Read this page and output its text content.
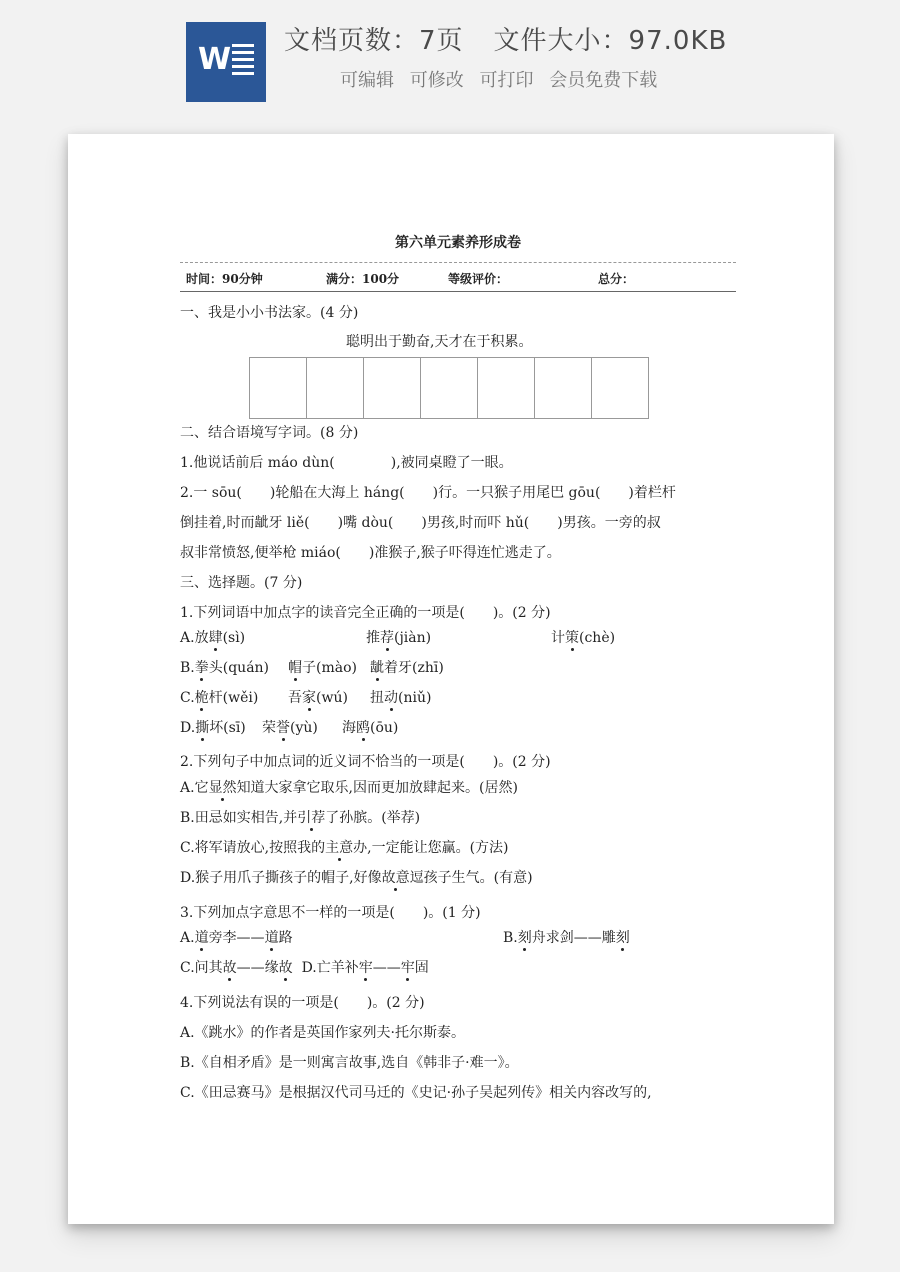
W
文档页数：7页 文件大小：97.0KB
可编辑 可修改 可打印 会员免费下载
第六单元素养形成卷
时间：90分钟	满分：100分	等级评价：	总分：
一、我是小小书法家。(4 分)
聪明出于勤奋,天才在于积累。
二、结合语境写字词。(8 分)
1.他说话前后 máo dùn(	),被同桌瞪了一眼。
2.一 sōu( )轮船在大海上 háng( )行。一只猴子用尾巴 gōu( )着栏杆
倒挂着,时而龇牙 liě( )嘴 dòu( )男孩,时而吓 hǔ( )男孩。一旁的叔
叔非常愤怒,便举枪 miáo( )准猴子,猴子吓得连忙逃走了。
三、选择题。(7 分)
1.下列词语中加点字的读音完全正确的一项是(　　)。(2 分)
A.放肆(sì)	推荐(jiàn)	计策(chè)
B.拳头(quán) 帽子(mào) 龇着牙(zhī)
C.桅杆(wěi) 吾家(wú) 扭动(niǔ)
D.撕坏(sī) 荣誉(yù) 海鸥(ōu)
2.下列句子中加点词的近义词不恰当的一项是(　　)。(2 分)
A.它显然知道大家拿它取乐,因而更加放肆起来。(居然)
B.田忌如实相告,并引荐了孙膑。(举荐)
C.将军请放心,按照我的主意办,一定能让您赢。(方法)
D.猴子用爪子撕孩子的帽子,好像故意逗孩子生气。(有意)
3.下列加点字意思不一样的一项是(　　)。(1 分)
A.道旁李——道路	B.刻舟求剑——雕刻
C.问其故——缘故 D.亡羊补牢——牢固
4.下列说法有误的一项是(　　)。(2 分)
A.《跳水》的作者是英国作家列夫·托尔斯泰。
B.《自相矛盾》是一则寓言故事,选自《韩非子·难一》。
C.《田忌赛马》是根据汉代司马迁的《史记·孙子吴起列传》相关内容改写的,
